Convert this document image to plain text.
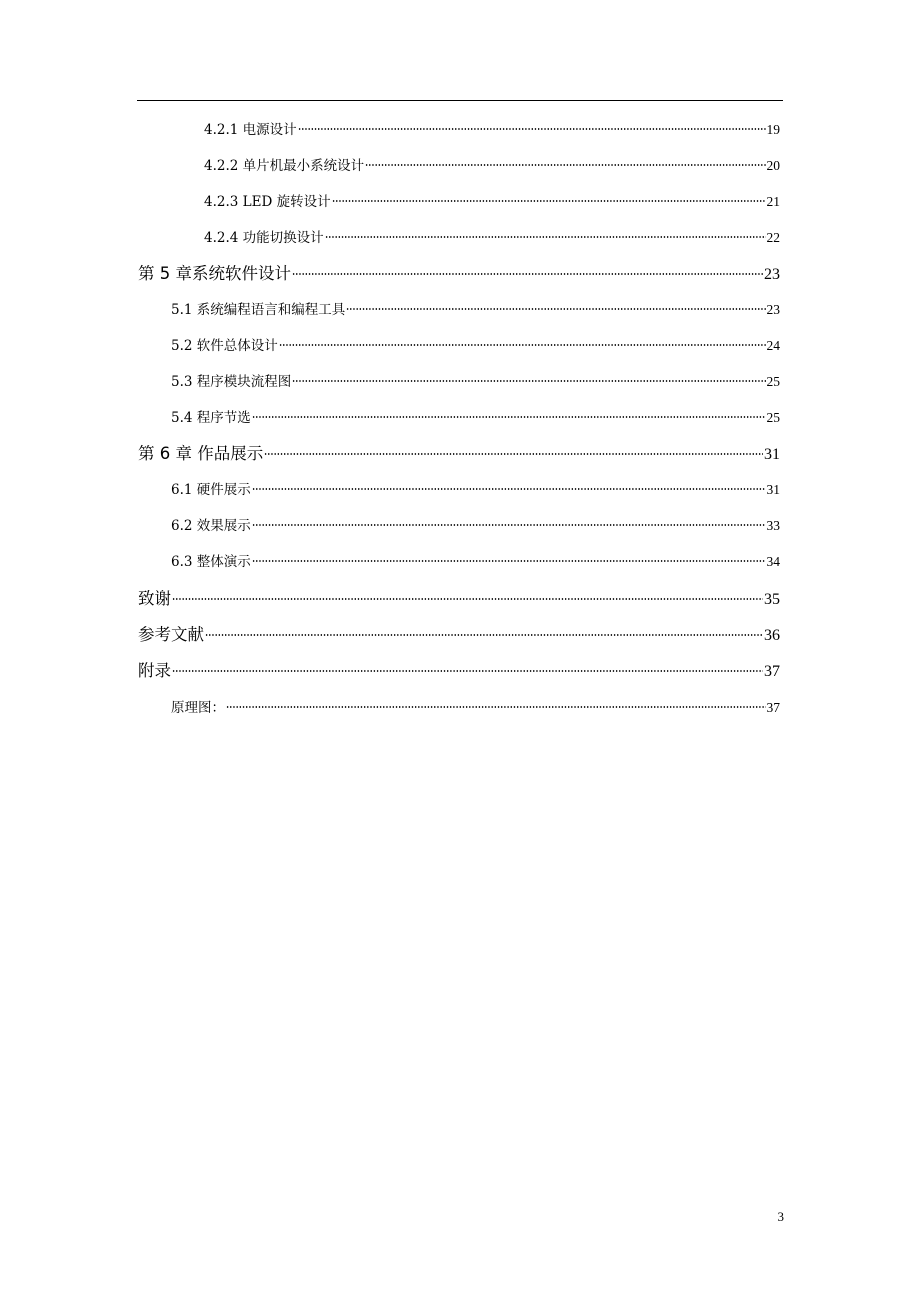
4.2.1 电源设计	19
4.2.2 单片机最小系统设计	20
4.2.3 LED 旋转设计	21
4.2.4 功能切换设计	22
第 5 章系统软件设计	23
5.1 系统编程语言和编程工具	23
5.2 软件总体设计	24
5.3 程序模块流程图	25
5.4 程序节选	25
第 6 章 作品展示	31
6.1 硬件展示	31
6.2 效果展示	33
6.3 整体演示	34
致谢	35
参考文献	36
附录	37
原理图：	37
3
